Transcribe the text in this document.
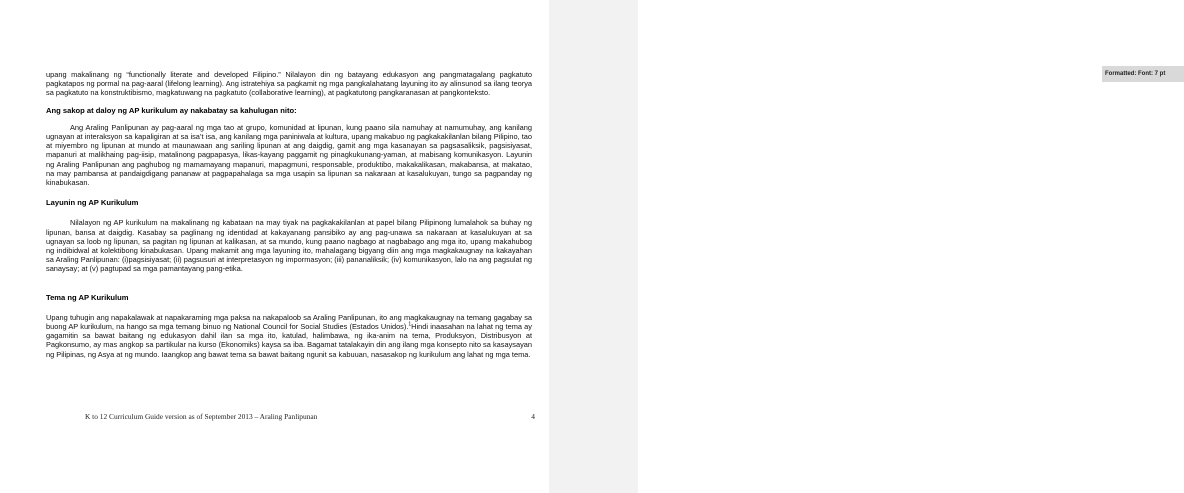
Formatted: Font: 7 pt

upang makalinang ng “functionally literate and developed Filipino.” Nilalayon din ng batayang edukasyon ang pangmatagalang pagkatuto pagkatapos ng pormal na pag-aaral (lifelong learning). Ang istratehiya sa pagkamit ng mga pangkalahatang layuning ito ay alinsunod sa ilang teorya sa pagkatuto na konstruktibismo, magkatuwang na pagkatuto (collaborative learning), at pagkatutong pangkaranasan at pangkonteksto.

Ang sakop at daloy ng AP kurikulum ay nakabatay sa kahulugan nito:

Ang Araling Panlipunan ay pag-aaral ng mga tao at grupo, komunidad at lipunan, kung paano sila namuhay at namumuhay, ang kanilang ugnayan at interaksyon sa kapaligiran at sa isa’t isa, ang kanilang mga paniniwala at kultura, upang makabuo ng pagkakakilanlan bilang Pilipino, tao at miyembro ng lipunan at mundo at maunawaan ang sariling lipunan at ang daigdig, gamit ang mga kasanayan sa pagsasaliksik, pagsisiyasat, mapanuri at malikhaing pag-iisip, matalinong pagpapasya, likas-kayang paggamit ng pinagkukunang-yaman, at mabisang komunikasyon. Layunin ng Araling Panlipunan ang paghubog ng mamamayang mapanuri, mapagmuni, responsable, produktibo, makakalikasan, makabansa, at makatao, na may pambansa at pandaigdigang pananaw at pagpapahalaga sa mga usapin sa lipunan sa nakaraan at kasalukuyan, tungo sa pagpanday ng kinabukasan.

Layunin ng AP Kurikulum

Nilalayon ng AP kurikulum na makalinang ng kabataan na may tiyak na pagkakakilanlan at papel bilang Pilipinong lumalahok sa buhay ng lipunan, bansa at daigdig. Kasabay sa paglinang ng identidad at kakayanang pansibiko ay ang pag-unawa sa nakaraan at kasalukuyan at sa ugnayan sa loob ng lipunan, sa pagitan ng lipunan at kalikasan, at sa mundo, kung paano nagbago at nagbabago ang mga ito, upang makahubog ng indibidwal at kolektibong kinabukasan. Upang makamit ang mga layuning ito, mahalagang bigyang diin ang mga magkakaugnay na kakayahan sa Araling Panlipunan: (i)pagsisiyasat; (ii) pagsusuri at interpretasyon ng impormasyon; (iii) pananaliksik; (iv) komunikasyon, lalo na ang pagsulat ng sanaysay; at (v) pagtupad sa mga pamantayang pang-etika.

Tema ng AP Kurikulum

Upang tuhugin ang napakalawak at napakaraming mga paksa na nakapaloob sa Araling Panlipunan, ito ang magkakaugnay na temang gagabay sa buong AP kurikulum, na hango sa mga temang binuo ng National Council for Social Studies (Estados Unidos).$^1$Hindi inaasahan na lahat ng tema ay gagamitin sa bawat baitang ng edukasyon dahil ilan sa mga ito, katulad, halimbawa, ng ika-anim na tema, Produksyon, Distribusyon at Pagkonsumo, ay mas angkop sa partikular na kurso (Ekonomiks) kaysa sa iba. Bagamat tatalakayin din ang ilang mga konsepto nito sa kasaysayan ng Pilipinas, ng Asya at ng mundo. Iaangkop ang bawat tema sa bawat baitang ngunit sa kabuuan, nasasakop ng kurikulum ang lahat ng mga tema.

K to 12 Curriculum Guide version as of September 2013 – Araling Panlipunan	4
